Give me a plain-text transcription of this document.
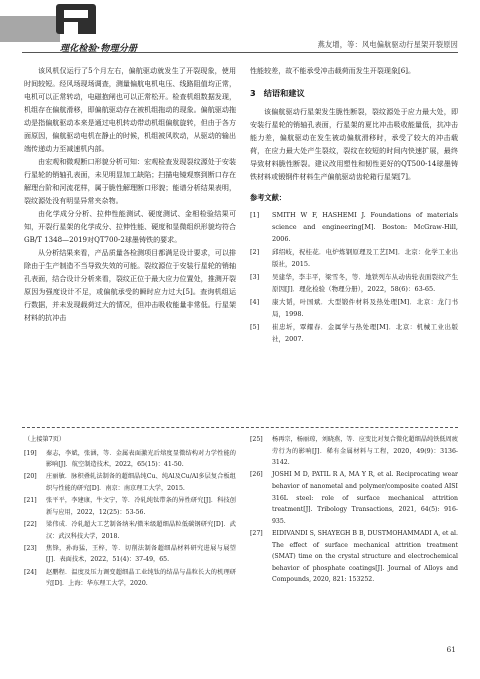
理化检验·物理分册	燕友增，等：风电偏航驱动行星架开裂原因

该风机仅运行了5个月左右，偏航驱动就发生了开裂现象，使用时间较短。经风场现场调查，测量偏航电机电压、线路阻值均正常，电机可以正常转动，电磁抱闸也可以正常松开。检查机组数据发现，机组存在偏航滑移，即偏航驱动存在被机组拖动的现象。偏航驱动拖动是指偏航驱动本来是通过电机转动带动机组偏航旋转，但由于各方面原因，偏航驱动电机在静止的时候，机组被风吹动，从驱动的输出端传递动力至减速机内部。

由宏观和微观断口形貌分析可知：宏观检查发现裂纹源处于安装行星轮的销轴孔表面，未见明显加工缺陷；扫描电镜观察到断口存在解理台阶和河流花样，属于脆性解理断口形貌；能谱分析结果表明，裂纹源处没有明显异常夹杂物。

由化学成分分析、拉伸性能测试、硬度测试、金相检验结果可知，开裂行星架的化学成分、拉伸性能、硬度和显微组织形貌均符合GB/T 1348—2019对QT700-2球墨铸铁的要求。

从分析结果来看，产品质量各检测项目都满足设计要求，可以排除由于生产制造不当导致失效的可能。裂纹源位于安装行星轮的销轴孔表面，结合设计分析来看，裂纹正位于最大应力位置处，推测开裂原因为强度设计不足，或偏航承受的瞬时应力过大[5]。查询机组运行数据，并未发现载荷过大的情况，但冲击吸收能量非常低。行星架材料的抗冲击

性能较差，故不能承受冲击载荷而发生开裂现象[6]。

3 结语和建议

该偏航驱动行星架发生脆性断裂，裂纹源处于应力最大处，即安装行星轮的销轴孔表面，行星架的夏比冲击吸收能量低，抗冲击能力差，偏航驱动在发生被动偏航滑移时，承受了较大的冲击载荷，在应力最大处产生裂纹，裂纹在较短的时间内快速扩展，最终导致材料脆性断裂。建议改用塑性和韧性更好的QT500-14球墨铸铁材料或锻钢件材料生产偏航驱动齿轮箱行星架[7]。

参考文献：
[1]	SMITH W F, HASHEMI J. Foundations of materials science and engineering[M]. Boston: McGraw-Hill, 2006.
[2]	邱绍岐，祝桂花．电炉炼钢原理及工艺[M]．北京：化学工业出版社，2015.
[3]	吴建华，李丰平，梁雪冬，等．地铁列车从动齿轮表面裂纹产生原因[J]．理化检验（物理分册），2022，58(6)：63-65.
[4]	康大韬，叶国斌．大型锻件材料及热处理[M]．北京：龙门书局，1998.
[5]	崔忠圻，覃耀春．金属学与热处理[M]．北京：机械工业出版社，2007.
（上接第7页）
[19]	秦志，李斌，张涵，等．金属表面激光后熔度显微结构对力学性能的影响[J]．航空制造技术，2022，65(15)：41-50.
[20]	庄丽敏．脉积叠轧法制备的超细晶纯Cu、纯Al及Cu/Al多层复合板组织与性能的研究[D]．南京：南京理工大学，2015.
[21]	张平平，李建康，牛文宁，等．冷轧纯钛带条的异性研究[J]．科技创新与应用，2022，12(25)：53-56.
[22]	梁伟成．冷轧超大工艺制备纳米/微米级超细晶粒低碳钢研究[D]．武汉：武汉科技大学，2018.
[23]	焦锋，孙海猛，王梓，等．切削法制备超细晶材料研究进展与展望[J]．表面技术，2022，51(4)：37-49，65.
[24]	赵鹏程．温度及压力调变超细晶工业纯钛的结晶与晶粒长大的机理研究[D]．上海：华东理工大学，2020.
[25]	杨再宗，杨丽琼，刘晓燕，等．应变比对复合微化超细晶纯铁低周疲劳行为的影响[J]．稀有金属材料与工程，2020，49(9)：3136-3142.
[26]	JOSHI M D, PATIL R A, MA Y R, et al. Reciprocating wear behavior of nanometal and polymer/composite coated AISI 316L steel: role of surface mechanical attrition treatment[J]. Tribology Transactions, 2021, 64(5): 916-935.
[27]	EIDIVANDI S, SHAYEGH B B, DUSTMOHAMMADI A, et al. The effect of surface mechanical attrition treatment (SMAT) time on the crystal structure and electrochemical behavior of phosphate coatings[J]. Journal of Alloys and Compounds, 2020, 821: 153252.
61
